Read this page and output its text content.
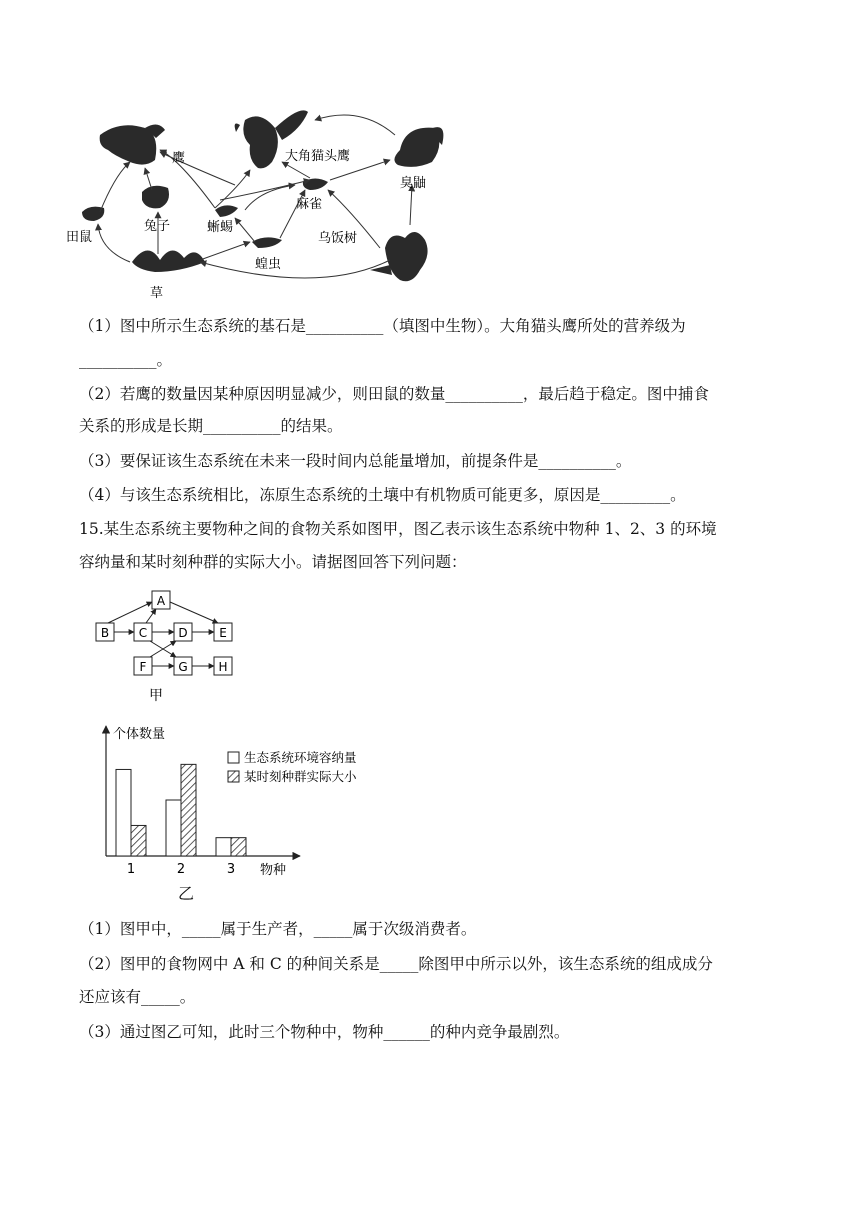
鹰	大角猫头鹰
臭鼬
麻雀
蜥蜴
兔子
田鼠
草
蝗虫
乌饭树
（1）图中所示生态系统的基石是__________（填图中生物）。大角猫头鹰所处的营养级为
__________。
（2）若鹰的数量因某种原因明显减少，则田鼠的数量__________，最后趋于稳定。图中捕食
关系的形成是长期__________的结果。
（3）要保证该生态系统在未来一段时间内总能量增加，前提条件是__________。
（4）与该生态系统相比，冻原生态系统的土壤中有机物质可能更多，原因是_________。
15.某生态系统主要物种之间的食物关系如图甲，图乙表示该生态系统中物种 1、2、3 的环境
容纳量和某时刻种群的实际大小。请据图回答下列问题：
A
B C	D	E
F	G	H
甲
个体数量
物种
1	2	3
生态系统环境容纳量
某时刻种群实际大小
乙
（1）图甲中，_____属于生产者，_____属于次级消费者。
（2）图甲的食物网中 A 和 C 的种间关系是_____除图甲中所示以外，该生态系统的组成成分
还应该有_____。
（3）通过图乙可知，此时三个物种中，物种______的种内竞争最剧烈。
